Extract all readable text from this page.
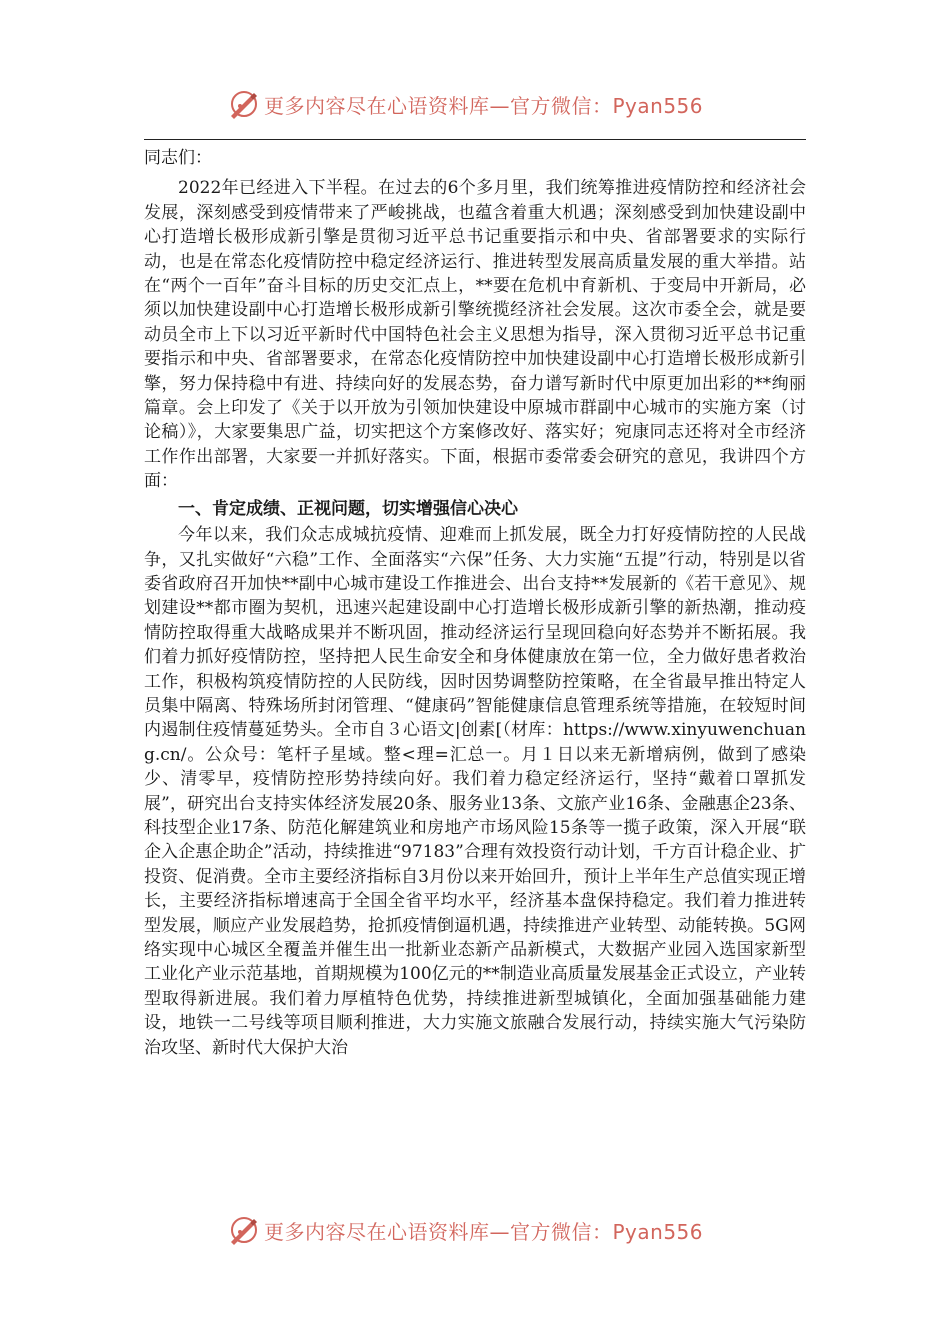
更多内容尽在心语资料库—官方微信：Pyan556

同志们：

2022年已经进入下半程。在过去的6个多月里，我们统筹推进疫情防控和经济社会发展，深刻感受到疫情带来了严峻挑战，也蕴含着重大机遇；深刻感受到加快建设副中心打造增长极形成新引擎是贯彻习近平总书记重要指示和中央、省部署要求的实际行动，也是在常态化疫情防控中稳定经济运行、推进转型发展高质量发展的重大举措。站在“两个一百年”奋斗目标的历史交汇点上，**要在危机中育新机、于变局中开新局，必须以加快建设副中心打造增长极形成新引擎统揽经济社会发展。这次市委全会，就是要动员全市上下以习近平新时代中国特色社会主义思想为指导，深入贯彻习近平总书记重要指示和中央、省部署要求，在常态化疫情防控中加快建设副中心打造增长极形成新引擎，努力保持稳中有进、持续向好的发展态势，奋力谱写新时代中原更加出彩的**绚丽篇章。会上印发了《关于以开放为引领加快建设中原城市群副中心城市的实施方案（讨论稿）》，大家要集思广益，切实把这个方案修改好、落实好；宛康同志还将对全市经济工作作出部署，大家要一并抓好落实。下面，根据市委常委会研究的意见，我讲四个方面：

一、肯定成绩、正视问题，切实增强信心决心

今年以来，我们众志成城抗疫情、迎难而上抓发展，既全力打好疫情防控的人民战争，又扎实做好“六稳”工作、全面落实“六保”任务、大力实施“五提”行动，特别是以省委省政府召开加快**副中心城市建设工作推进会、出台支持**发展新的《若干意见》、规划建设**都市圈为契机，迅速兴起建设副中心打造增长极形成新引擎的新热潮，推动疫情防控取得重大战略成果并不断巩固，推动经济运行呈现回稳向好态势并不断拓展。我们着力抓好疫情防控，坚持把人民生命安全和身体健康放在第一位，全力做好患者救治工作，积极构筑疫情防控的人民防线，因时因势调整防控策略，在全省最早推出特定人员集中隔离、特殊场所封闭管理、“健康码”智能健康信息管理系统等措施，在较短时间内遏制住疫情蔓延势头。全市自３心语文|创素[（材库：https://www.xinyuwenchuang.cn/。公众号：笔杆子星域。整<理=汇总一。月１日以来无新增病例，做到了感染少、清零早，疫情防控形势持续向好。我们着力稳定经济运行，坚持“戴着口罩抓发展”，研究出台支持实体经济发展20条、服务业13条、文旅产业16条、金融惠企23条、科技型企业17条、防范化解建筑业和房地产市场风险15条等一揽子政策，深入开展“联企入企惠企助企”活动，持续推进“97183”合理有效投资行动计划，千方百计稳企业、扩投资、促消费。全市主要经济指标自3月份以来开始回升，预计上半年生产总值实现正增长，主要经济指标增速高于全国全省平均水平，经济基本盘保持稳定。我们着力推进转型发展，顺应产业发展趋势，抢抓疫情倒逼机遇，持续推进产业转型、动能转换。5G网络实现中心城区全覆盖并催生出一批新业态新产品新模式，大数据产业园入选国家新型工业化产业示范基地，首期规模为100亿元的**制造业高质量发展基金正式设立，产业转型取得新进展。我们着力厚植特色优势，持续推进新型城镇化，全面加强基础能力建设，地铁一二号线等项目顺利推进，大力实施文旅融合发展行动，持续实施大气污染防治攻坚、新时代大保护大治

更多内容尽在心语资料库—官方微信：Pyan556
